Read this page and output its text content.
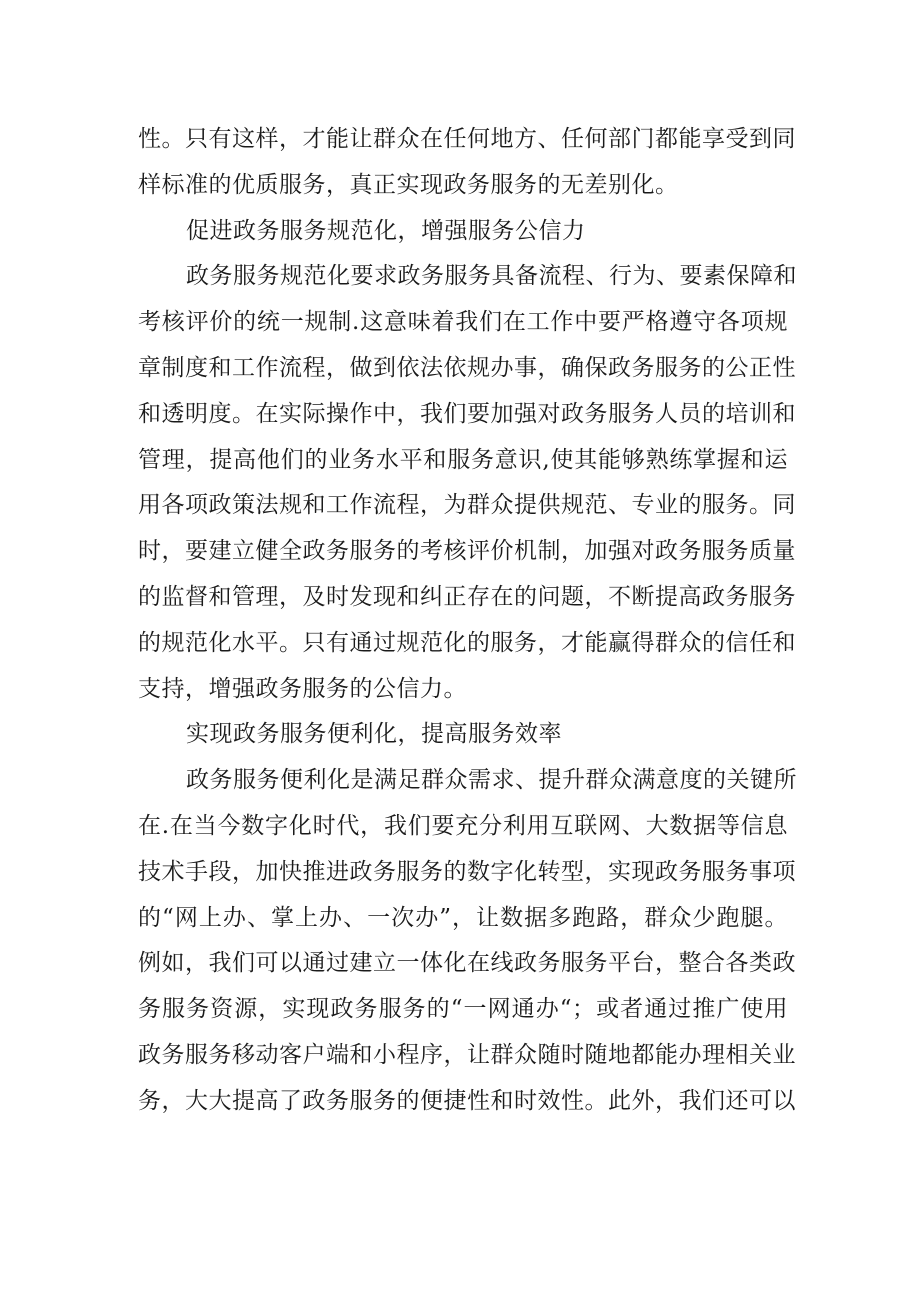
性。只有这样，才能让群众在任何地方、任何部门都能享受到同
样标准的优质服务，真正实现政务服务的无差别化。
促进政务服务规范化，增强服务公信力
政务服务规范化要求政务服务具备流程、行为、要素保障和
考核评价的统一规制.这意味着我们在工作中要严格遵守各项规
章制度和工作流程，做到依法依规办事，确保政务服务的公正性
和透明度。在实际操作中，我们要加强对政务服务人员的培训和
管理，提高他们的业务水平和服务意识,使其能够熟练掌握和运
用各项政策法规和工作流程，为群众提供规范、专业的服务。同
时，要建立健全政务服务的考核评价机制，加强对政务服务质量
的监督和管理，及时发现和纠正存在的问题，不断提高政务服务
的规范化水平。只有通过规范化的服务，才能赢得群众的信任和
支持，增强政务服务的公信力。
实现政务服务便利化，提高服务效率
政务服务便利化是满足群众需求、提升群众满意度的关键所
在.在当今数字化时代，我们要充分利用互联网、大数据等信息
技术手段，加快推进政务服务的数字化转型，实现政务服务事项
的“网上办、掌上办、一次办”，让数据多跑路，群众少跑腿。
例如，我们可以通过建立一体化在线政务服务平台，整合各类政
务服务资源，实现政务服务的“一网通办“；或者通过推广使用
政务服务移动客户端和小程序，让群众随时随地都能办理相关业
务，大大提高了政务服务的便捷性和时效性。此外，我们还可以
